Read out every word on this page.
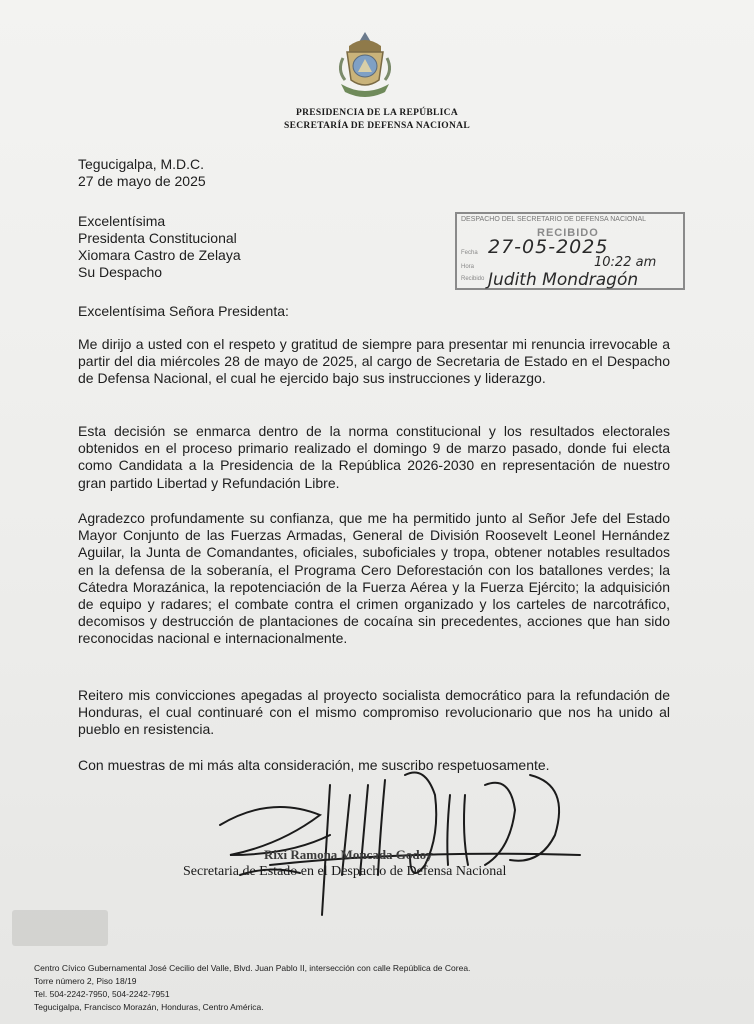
PRESIDENCIA DE LA REPÚBLICA
SECRETARÍA DE DEFENSA NACIONAL
Tegucigalpa, M.D.C.
27 de mayo de 2025
Excelentísima
Presidenta Constitucional
Xiomara Castro de Zelaya
Su Despacho
DESPACHO DEL SECRETARIO DE DEFENSA NACIONAL
RECIBIDO
Fecha
Hora
Recibido
27-05-2025
10:22 am
Judith Mondragón
Excelentísima Señora Presidenta:
Me dirijo a usted con el respeto y gratitud de siempre para presentar mi renuncia irrevocable a partir del dia miércoles 28 de mayo de 2025, al cargo de Secretaria de Estado en el Despacho de Defensa Nacional, el cual he ejercido bajo sus instrucciones y liderazgo.
Esta decisión se enmarca dentro de la norma constitucional y los resultados electorales obtenidos en el proceso primario realizado el domingo 9 de marzo pasado, donde fui electa como Candidata a la Presidencia de la República 2026-2030 en representación de nuestro gran partido Libertad y Refundación Libre.
Agradezco profundamente su confianza, que me ha permitido junto al Señor Jefe del Estado Mayor Conjunto de las Fuerzas Armadas, General de División Roosevelt Leonel Hernández Aguilar, la Junta de Comandantes, oficiales, suboficiales y tropa, obtener notables resultados en la defensa de la soberanía, el Programa Cero Deforestación con los batallones verdes; la Cátedra Morazánica, la repotenciación de la Fuerza Aérea y la Fuerza Ejército; la adquisición de equipo y radares; el combate contra el crimen organizado y los carteles de narcotráfico, decomisos y destrucción de plantaciones de cocaína sin precedentes, acciones que han sido reconocidas nacional e internacionalmente.
Reitero mis convicciones apegadas al proyecto socialista democrático para la refundación de Honduras, el cual continuaré con el mismo compromiso revolucionario que nos ha unido al pueblo en resistencia.
Con muestras de mi más alta consideración, me suscribo respetuosamente.
Rixi Ramona Moncada Godoy
Secretaria de Estado en el Despacho de Defensa Nacional
Centro Cívico Gubernamental José Cecilio del Valle, Blvd. Juan Pablo II, intersección con calle República de Corea.
Torre número 2, Piso 18/19
Tel. 504-2242-7950, 504-2242-7951
Tegucigalpa, Francisco Morazán, Honduras, Centro América.
